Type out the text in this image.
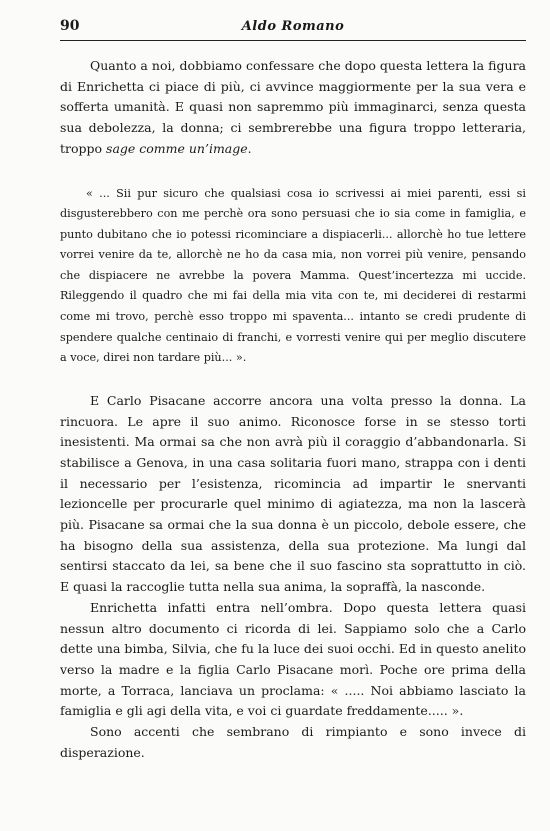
90	Aldo Romano

Quanto a noi, dobbiamo confessare che dopo questa lettera la figura di Enrichetta ci piace di più, ci avvince maggiormente per la sua vera e sofferta umanità. E quasi non sapremmo più immaginarci, senza questa sua debolezza, la donna; ci sembrerebbe una figura troppo letteraria, troppo sage comme un’image.

« ... Sii pur sicuro che qualsiasi cosa io scrivessi ai miei parenti, essi si disgusterebbero con me perchè ora sono persuasi che io sia come in famiglia, e punto dubitano che io potessi ricominciare a dispiacerli... allorchè ho tue lettere vorrei venire da te, allorchè ne ho da casa mia, non vorrei più venire, pensando che dispiacere ne avrebbe la povera Mamma. Quest’incertezza mi uccide. Rileggendo il quadro che mi fai della mia vita con te, mi deciderei di restarmi come mi trovo, perchè esso troppo mi spaventa... intanto se credi prudente di spendere qualche centinaio di franchi, e vorresti venire qui per meglio discutere a voce, direi non tardare più... ».

E Carlo Pisacane accorre ancora una volta presso la donna. La rincuora. Le apre il suo animo. Riconosce forse in se stesso torti inesistenti. Ma ormai sa che non avrà più il coraggio d’abbandonarla. Si stabilisce a Genova, in una casa solitaria fuori mano, strappa con i denti il necessario per l’esistenza, ricomincia ad impartir le snervanti lezioncelle per procurarle quel minimo di agiatezza, ma non la lascerà più. Pisacane sa ormai che la sua donna è un piccolo, debole essere, che ha bisogno della sua assistenza, della sua protezione. Ma lungi dal sentirsi staccato da lei, sa bene che il suo fascino sta soprattutto in ciò. E quasi la raccoglie tutta nella sua anima, la sopraffà, la nasconde.

Enrichetta infatti entra nell’ombra. Dopo questa lettera quasi nessun altro documento ci ricorda di lei. Sappiamo solo che a Carlo dette una bimba, Silvia, che fu la luce dei suoi occhi. Ed in questo anelito verso la madre e la figlia Carlo Pisacane morì. Poche ore prima della morte, a Torraca, lanciava un proclama: « ..... Noi abbiamo lasciato la famiglia e gli agi della vita, e voi ci guardate freddamente..... ».

Sono accenti che sembrano di rimpianto e sono invece di disperazione.
